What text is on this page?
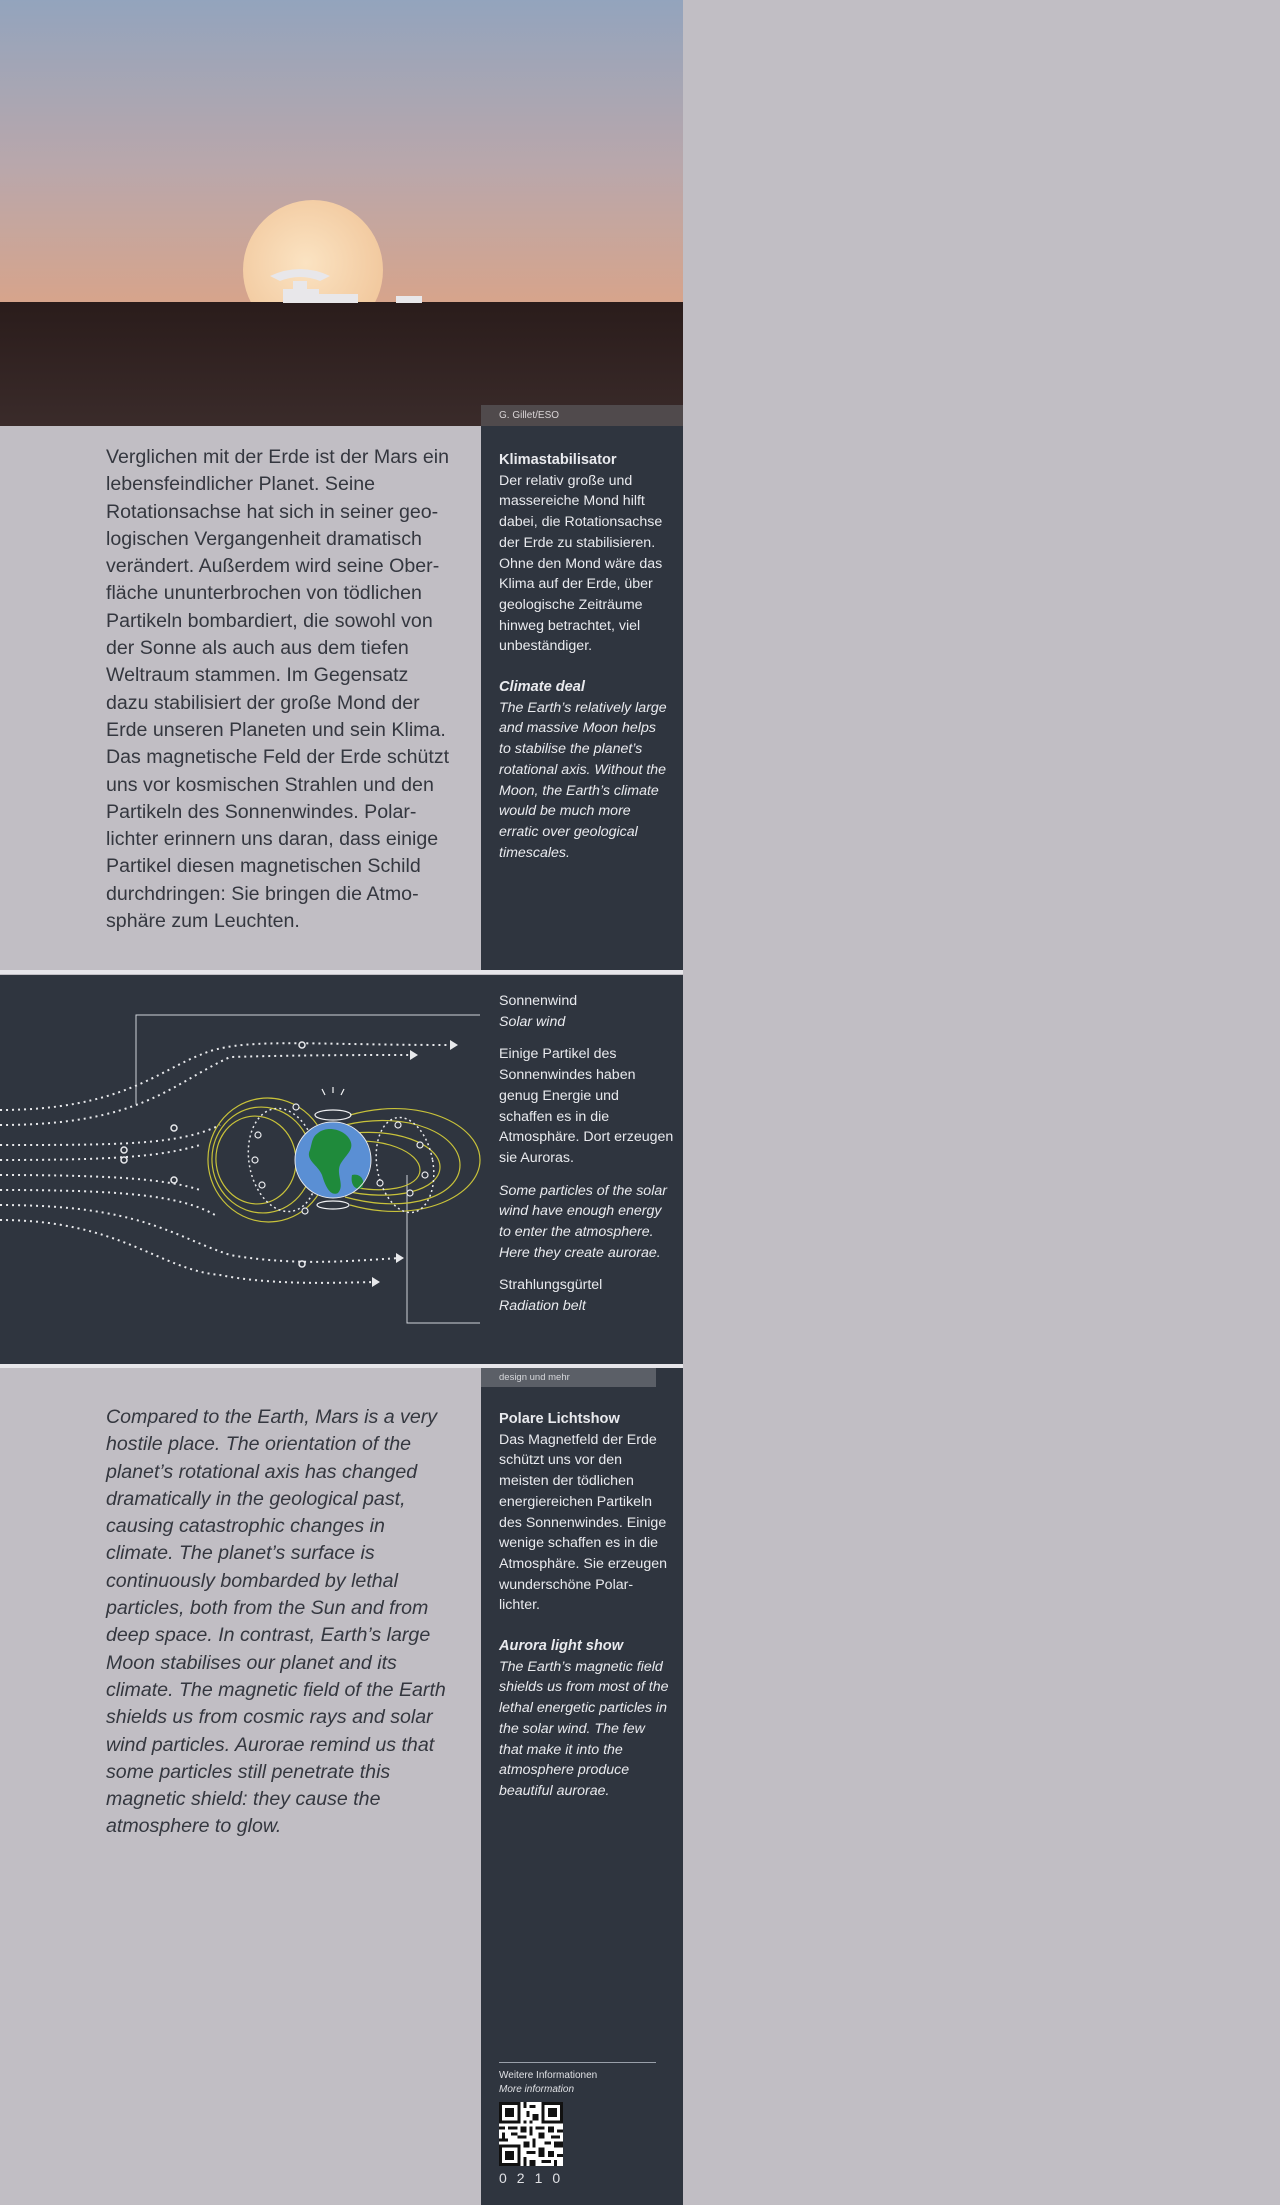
G. Gillet/ESO

Verglichen mit der Erde ist der Mars ein lebensfeindlicher Planet. Seine Rotationsachse hat sich in seiner geologischen Vergangenheit dramatisch verändert. Außerdem wird seine Oberfläche ununterbrochen von tödlichen Partikeln bombardiert, die sowohl von der Sonne als auch aus dem tiefen Weltraum stammen. Im Gegensatz dazu stabilisiert der große Mond der Erde unseren Planeten und sein Klima. Das magnetische Feld der Erde schützt uns vor kosmischen Strahlen und den Partikeln des Sonnenwindes. Polarlichter erinnern uns daran, dass einige Partikel diesen magnetischen Schild durchdringen: Sie bringen die Atmosphäre zum Leuchten.

Klimastabilisator

Der relativ große und massereiche Mond hilft dabei, die Rotationsachse der Erde zu stabilisieren. Ohne den Mond wäre das Klima auf der Erde, über geologische Zeiträume hinweg betrachtet, viel unbeständiger.

Climate deal

The Earth’s relatively large and massive Moon helps to stabilise the planet’s rotational axis. Without the Moon, the Earth’s climate would be much more erratic over geological timescales.

Sonnenwind

Solar wind

Einige Partikel des Sonnenwindes haben genug Energie und schaffen es in die Atmosphäre. Dort erzeugen sie Auroras.

Some particles of the solar wind have enough energy to enter the atmosphere. Here they create aurorae.

Strahlungsgürtel

Radiation belt

Compared to the Earth, Mars is a very hostile place. The orientation of the planet’s rotational axis has changed dramatically in the geological past, causing catastrophic changes in climate. The planet’s surface is continuously bombarded by lethal particles, both from the Sun and from deep space. In contrast, Earth’s large Moon stabilises our planet and its climate. The magnetic field of the Earth shields us from cosmic rays and solar wind particles. Aurorae remind us that some particles still penetrate this magnetic shield: they cause the atmosphere to glow.

Polare Lichtshow

Das Magnetfeld der Erde schützt uns vor den meisten der tödlichen energiereichen Partikeln des Sonnenwindes. Einige wenige schaffen es in die Atmosphäre. Sie erzeugen wunderschöne Polarlichter.

Aurora light show

The Earth’s magnetic field shields us from most of the lethal energetic particles in the solar wind. The few that make it into the atmosphere produce beautiful aurorae.

design und mehr

Weitere Informationen

More information

0210
